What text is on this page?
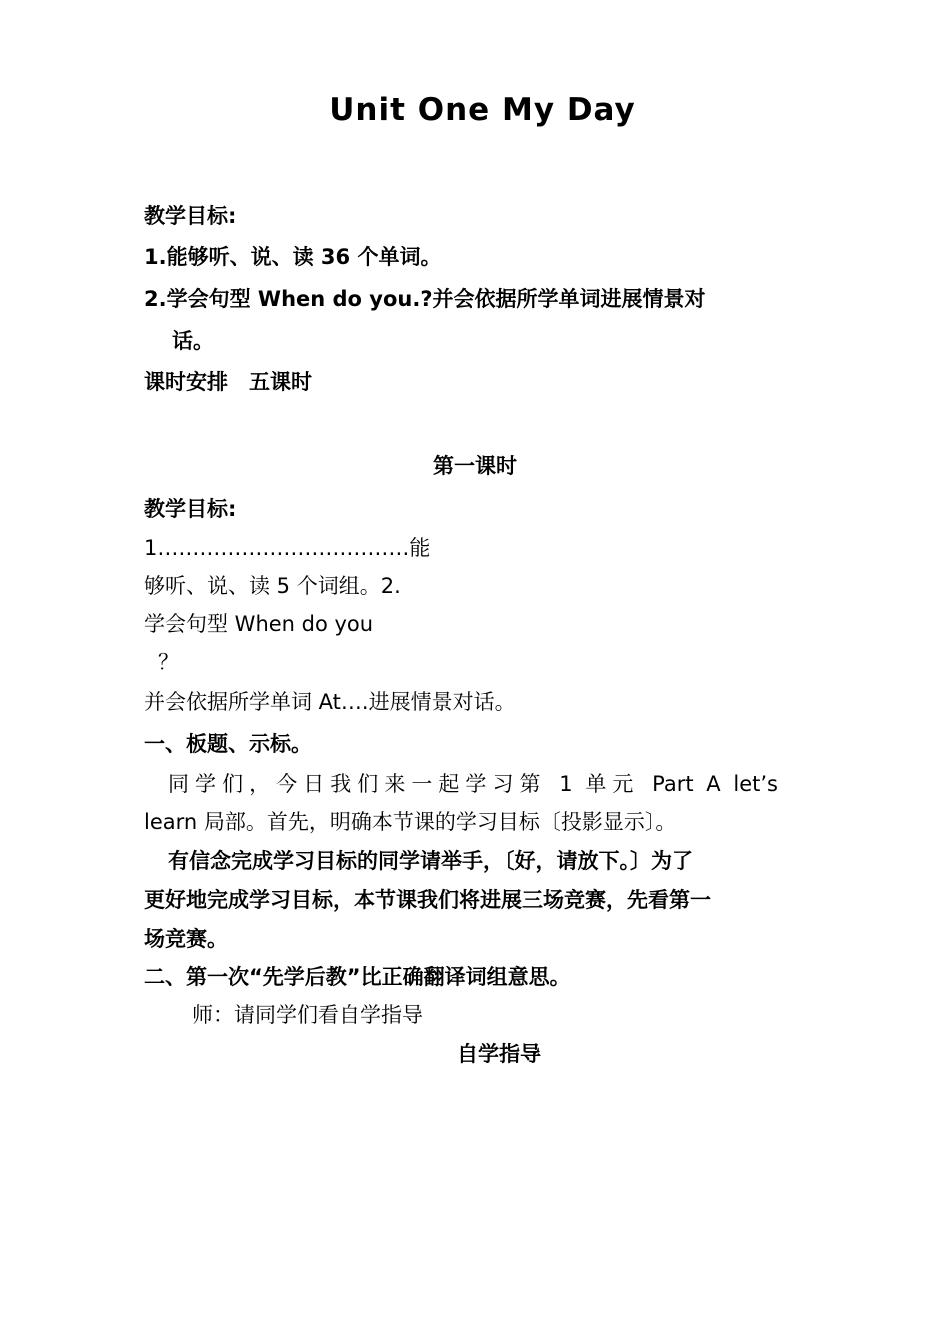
Unit One My Day
教学目标:
1.能够听、说、读 36 个单词。
2.学会句型 When do you.?并会依据所学单词进展情景对
话。
课时安排　五课时
第一课时
教学目标:
1………………………………能
够听、说、读 5 个词组。2.
学会句型 When do you
？
并会依据所学单词 At….进展情景对话。
一、板题、示标。
同学们，今日我们来一起学习第 1 单元 Part A let’s
learn 局部。首先，明确本节课的学习目标〔投影显示〕。
有信念完成学习目标的同学请举手，〔好，请放下。〕为了
更好地完成学习目标，本节课我们将进展三场竞赛，先看第一
场竞赛。
二、第一次“先学后教”比正确翻译词组意思。
师：请同学们看自学指导
自学指导
